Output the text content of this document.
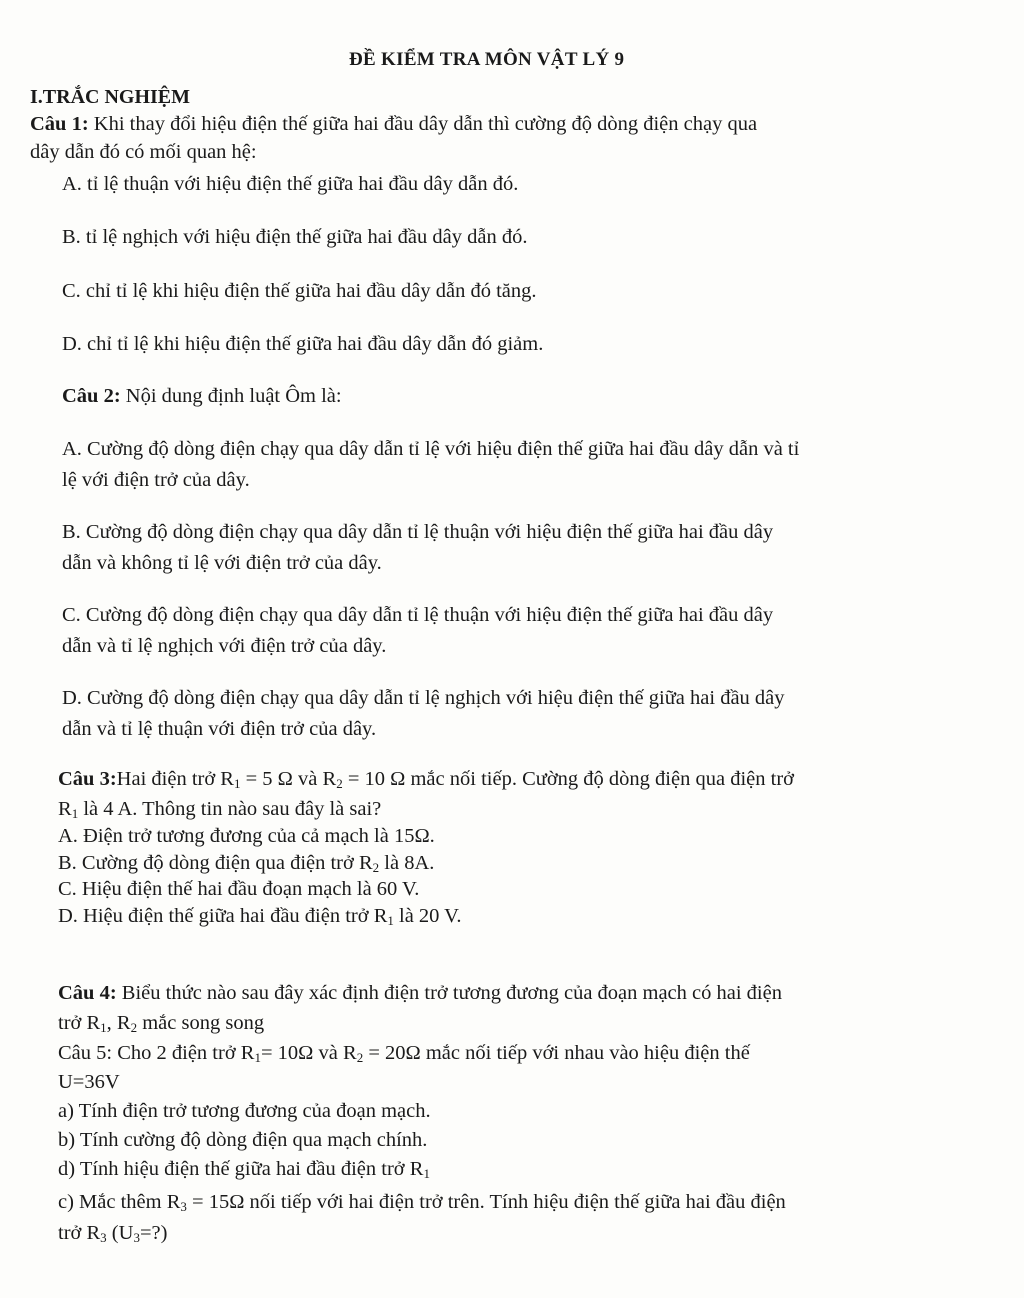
ĐỀ KIỂM TRA MÔN VẬT LÝ 9
I.TRẮC NGHIỆM
Câu 1: Khi thay đổi hiệu điện thế giữa hai đầu dây dẫn thì cường độ dòng điện chạy qua
dây dẫn đó có mối quan hệ:
A. tỉ lệ thuận với hiệu điện thế giữa hai đầu dây dẫn đó.
B. tỉ lệ nghịch với hiệu điện thế giữa hai đầu dây dẫn đó.
C. chỉ tỉ lệ khi hiệu điện thế giữa hai đầu dây dẫn đó tăng.
D. chỉ tỉ lệ khi hiệu điện thế giữa hai đầu dây dẫn đó giảm.
Câu 2: Nội dung định luật Ôm là:
A. Cường độ dòng điện chạy qua dây dẫn tỉ lệ với hiệu điện thế giữa hai đầu dây dẫn và tỉ
lệ với điện trở của dây.
B. Cường độ dòng điện chạy qua dây dẫn tỉ lệ thuận với hiệu điện thế giữa hai đầu dây
dẫn và không tỉ lệ với điện trở của dây.
C. Cường độ dòng điện chạy qua dây dẫn tỉ lệ thuận với hiệu điện thế giữa hai đầu dây
dẫn và tỉ lệ nghịch với điện trở của dây.
D. Cường độ dòng điện chạy qua dây dẫn tỉ lệ nghịch với hiệu điện thế giữa hai đầu dây
dẫn và tỉ lệ thuận với điện trở của dây.
Câu 3:Hai điện trở $R_1 = 5$ Ω và $R_2 = 10$ Ω mắc nối tiếp. Cường độ dòng điện qua điện trở
$R_1$ là 4 A. Thông tin nào sau đây là sai?
A. Điện trở tương đương của cả mạch là 15Ω.
B. Cường độ dòng điện qua điện trở $R_2$ là 8A.
C. Hiệu điện thế hai đầu đoạn mạch là 60 V.
D. Hiệu điện thế giữa hai đầu điện trở $R_1$ là 20 V.
Câu 4: Biểu thức nào sau đây xác định điện trở tương đương của đoạn mạch có hai điện
trở $R_1$, $R_2$ mắc song song
Câu 5: Cho 2 điện trở $R_1= 10\Omega$ và $R_2 = 20\Omega$ mắc nối tiếp với nhau vào hiệu điện thế
U=36V
a) Tính điện trở tương đương của đoạn mạch.
b) Tính cường độ dòng điện qua mạch chính.
d) Tính hiệu điện thế giữa hai đầu điện trở $R_1$
c) Mắc thêm $R_3 = 15\Omega$ nối tiếp với hai điện trở trên. Tính hiệu điện thế giữa hai đầu điện
trở $R_3$ $(U_3=?)$
